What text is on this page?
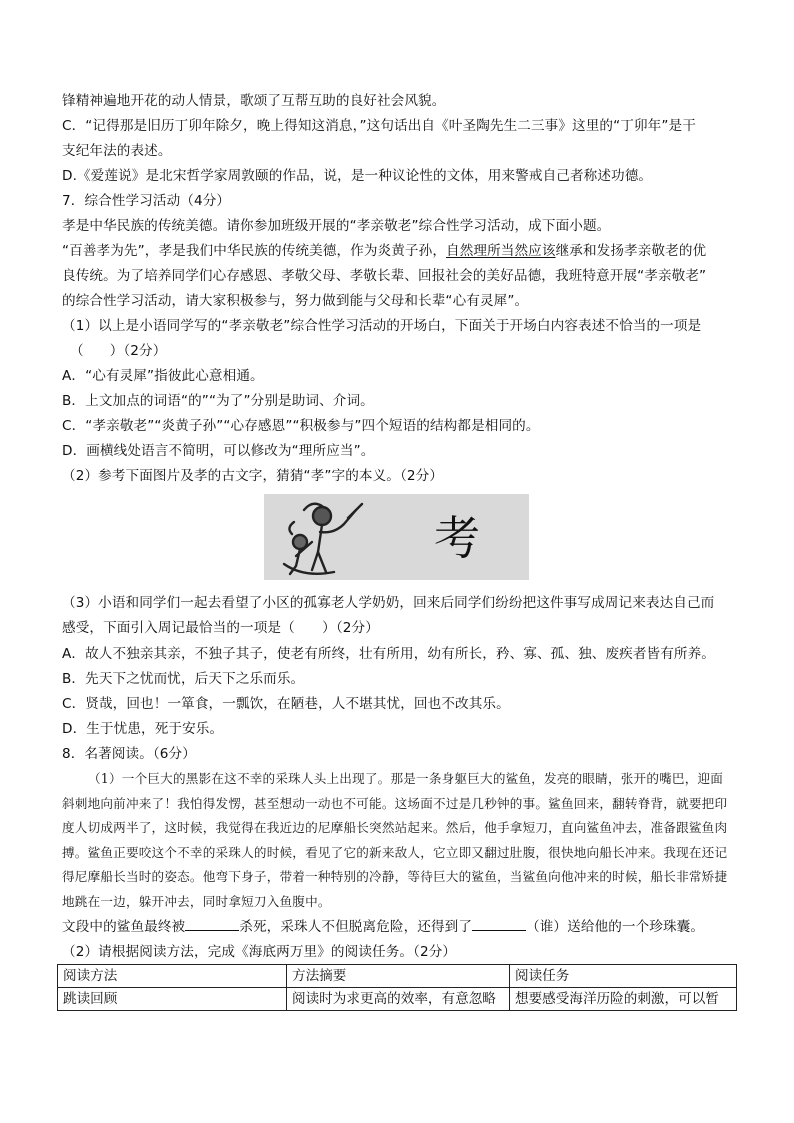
锋精神遍地开花的动人情景，歌颂了互帮互助的良好社会风貌。
C．“记得那是旧历丁卯年除夕，晚上得知这消息，”这句话出自《叶圣陶先生二三事》这里的“丁卯年”是干
支纪年法的表述。
D.《爱莲说》是北宋哲学家周敦颐的作品，说，是一种议论性的文体，用来警戒自己者称述功德。
7．综合性学习活动（4分）
孝是中华民族的传统美德。请你参加班级开展的“孝亲敬老”综合性学习活动，成下面小题。
“百善孝为先”，孝是我们中华民族的传统美德，作为炎黄子孙，自然理所当然应该继承和发扬孝亲敬老的优
良传统。为了培养同学们心存感恩、孝敬父母、孝敬长辈、回报社会的美好品德，我班特意开展“孝亲敬老”
的综合性学习活动，请大家积极参与，努力做到能与父母和长辈“心有灵犀”。
（1）以上是小语同学写的“孝亲敬老”综合性学习活动的开场白，下面关于开场白内容表述不恰当的一项是
（ ）（2分）
A．“心有灵犀”指彼此心意相通。
B．上文加点的词语“的”“为了”分别是助词、介词。
C．“孝亲敬老”“炎黄子孙”“心存感恩”“积极参与”四个短语的结构都是相同的。
D．画横线处语言不简明，可以修改为“理所应当”。
（2）参考下面图片及孝的古文字，猜猜“孝”字的本义。（2分）
考
（3）小语和同学们一起去看望了小区的孤寡老人学奶奶，回来后同学们纷纷把这件事写成周记来表达自己而
感受，下面引入周记最恰当的一项是（　　）（2分）
A．故人不独亲其亲，不独子其子，使老有所终，壮有所用，幼有所长，矜、寡、孤、独、废疾者皆有所养。
B．先天下之忧而忧，后天下之乐而乐。
C．贤哉，回也！一箪食，一瓢饮，在陋巷，人不堪其忧，回也不改其乐。
D．生于忧患，死于安乐。
8．名著阅读。（6分）

（1）一个巨大的黑影在这不幸的采珠人头上出现了。那是一条身躯巨大的鲨鱼，发亮的眼睛，张开的嘴巴，迎面斜刺地向前冲来了！我怕得发愣，甚至想动一动也不可能。这场面不过是几秒钟的事。鲨鱼回来，翻转脊背，就要把印度人切成两半了，这时候，我觉得在我近边的尼摩船长突然站起来。然后，他手拿短刀，直向鲨鱼冲去，准备跟鲨鱼肉搏。鲨鱼正要咬这个不幸的采珠人的时候，看见了它的新来敌人，它立即又翻过肚腹，很快地向船长冲来。我现在还记得尼摩船长当时的姿态。他弯下身子，带着一种特别的冷静，等待巨大的鲨鱼，当鲨鱼向他冲来的时候，船长非常矫捷地跳在一边，躲开冲去，同时拿短刀入鱼腹中。

文段中的鲨鱼最终被	杀死，采珠人不但脱离危险，还得到了	（谁）送给他的一个珍珠囊。
（2）请根据阅读方法，完成《海底两万里》的阅读任务。（2分）
阅读方法	方法摘要	阅读任务
跳读回顾	阅读时为求更高的效率，有意忽略	想要感受海洋历险的刺激，可以暂
